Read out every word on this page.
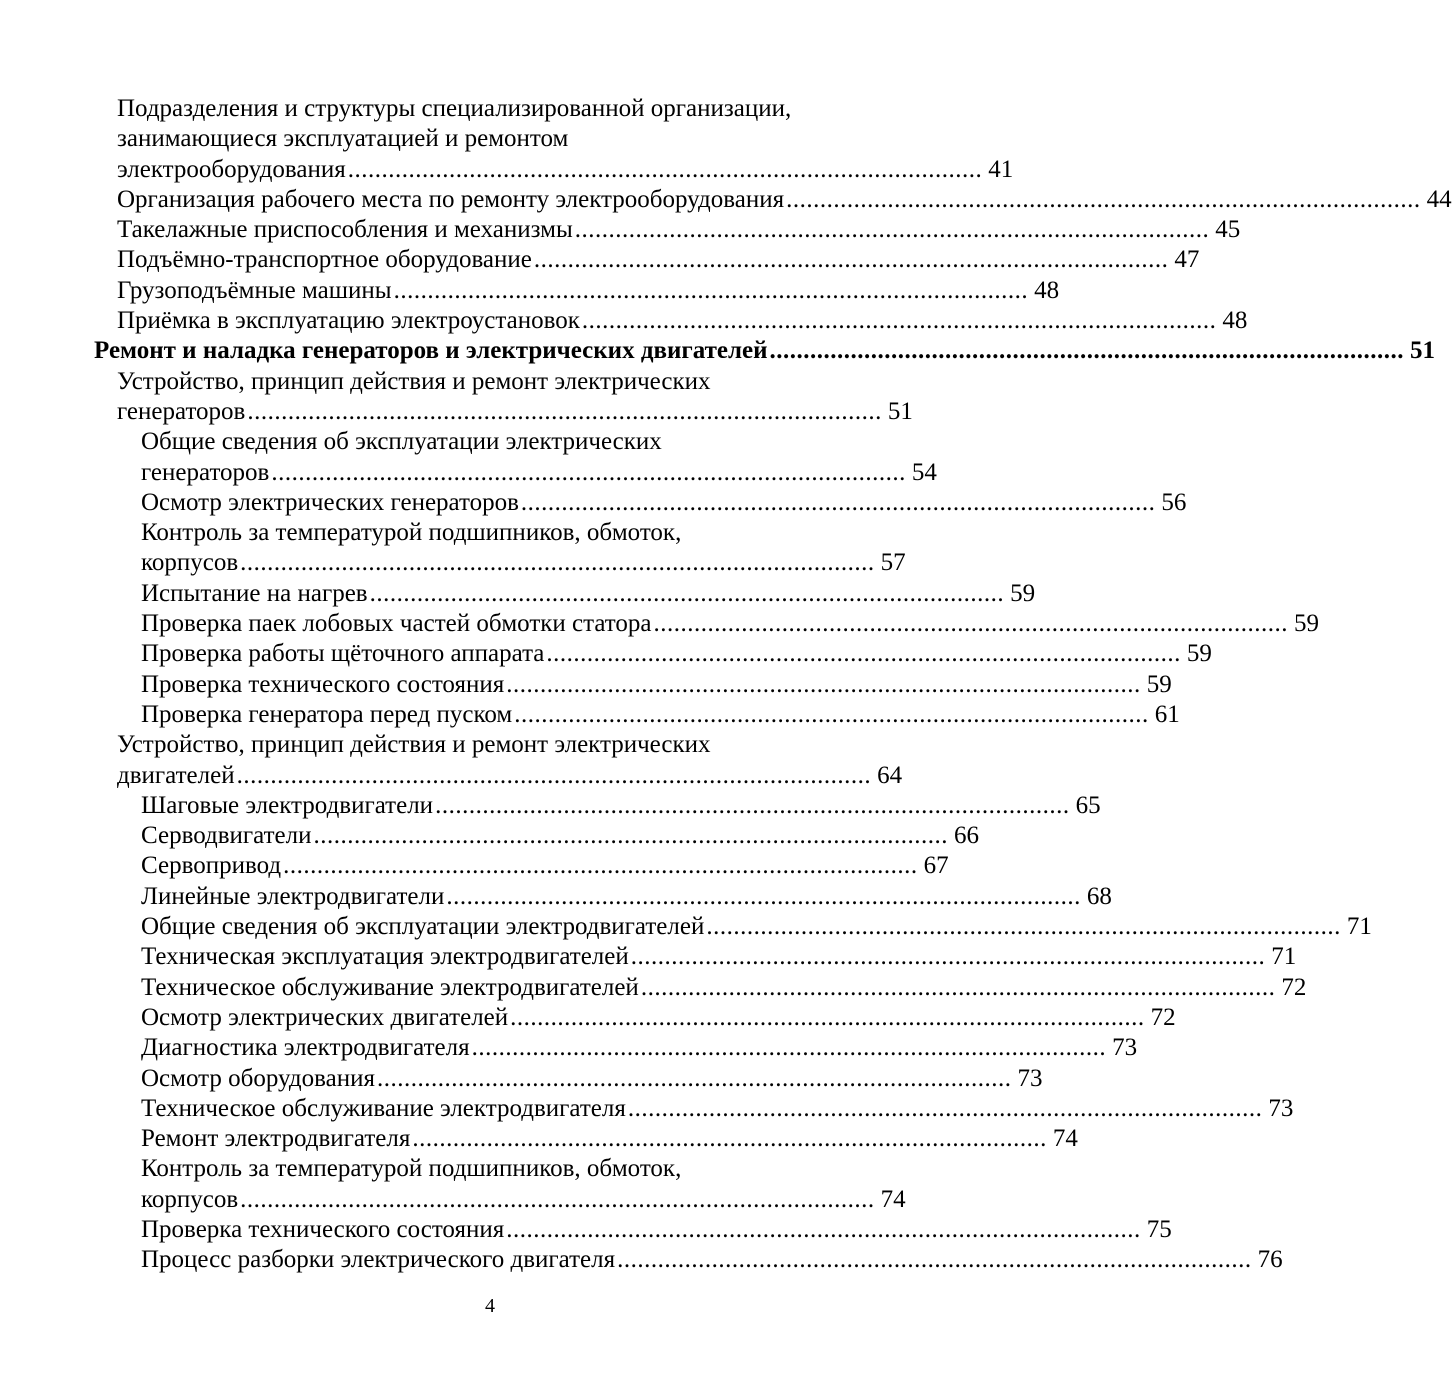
Подразделения и структуры специализированной организации,
занимающиеся эксплуатацией и ремонтом
электрооборудования .............................................................................................. 41
Организация рабочего места по ремонту электрооборудования .............................................................................................. 44
Такелажные приспособления и механизмы .............................................................................................. 45
Подъёмно-транспортное оборудование .............................................................................................. 47
Грузоподъёмные машины .............................................................................................. 48
Приёмка в эксплуатацию электроустановок .............................................................................................. 48
Ремонт и наладка генераторов и электрических двигателей .............................................................................................. 51
Устройство, принцип действия и ремонт электрических
генераторов .............................................................................................. 51
Общие сведения об эксплуатации электрических
генераторов .............................................................................................. 54
Осмотр электрических генераторов .............................................................................................. 56
Контроль за температурой подшипников, обмоток,
корпусов .............................................................................................. 57
Испытание на нагрев .............................................................................................. 59
Проверка паек лобовых частей обмотки статора .............................................................................................. 59
Проверка работы щёточного аппарата .............................................................................................. 59
Проверка технического состояния .............................................................................................. 59
Проверка генератора перед пуском .............................................................................................. 61
Устройство, принцип действия и ремонт электрических
двигателей .............................................................................................. 64
Шаговые электродвигатели .............................................................................................. 65
Серводвигатели .............................................................................................. 66
Сервопривод .............................................................................................. 67
Линейные электродвигатели .............................................................................................. 68
Общие сведения об эксплуатации электродвигателей .............................................................................................. 71
Техническая эксплуатация электродвигателей .............................................................................................. 71
Техническое обслуживание электродвигателей .............................................................................................. 72
Осмотр электрических двигателей .............................................................................................. 72
Диагностика электродвигателя .............................................................................................. 73
Осмотр оборудования .............................................................................................. 73
Техническое обслуживание электродвигателя .............................................................................................. 73
Ремонт электродвигателя .............................................................................................. 74
Контроль за температурой подшипников, обмоток,
корпусов .............................................................................................. 74
Проверка технического состояния .............................................................................................. 75
Процесс разборки электрического двигателя .............................................................................................. 76
4
